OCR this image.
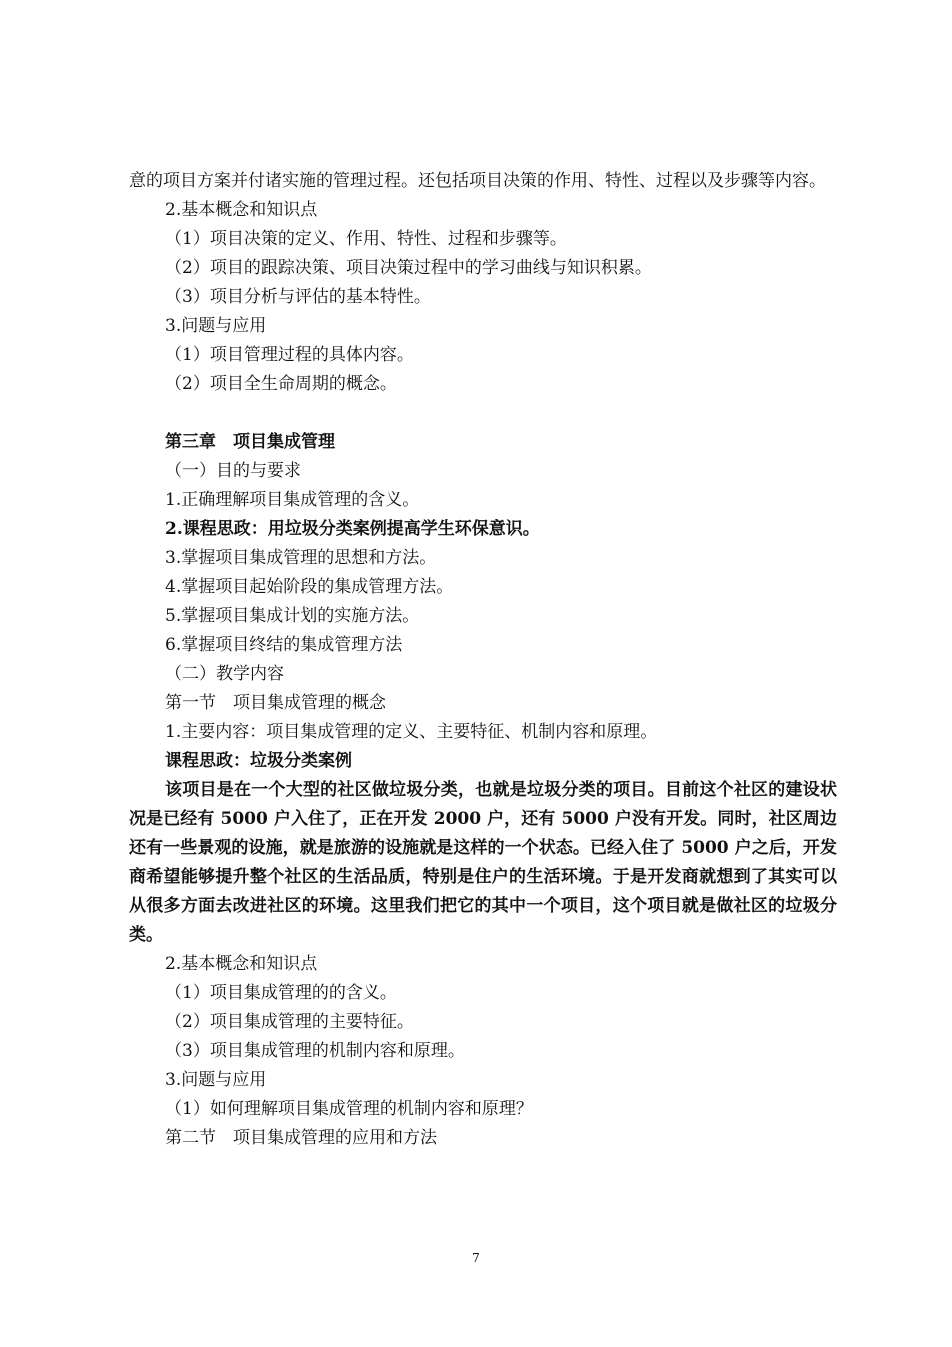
意的项目方案并付诸实施的管理过程。还包括项目决策的作用、特性、过程以及步骤等内容。

2.基本概念和知识点
（1）项目决策的定义、作用、特性、过程和步骤等。
（2）项目的跟踪决策、项目决策过程中的学习曲线与知识积累。
（3）项目分析与评估的基本特性。
3.问题与应用
（1）项目管理过程的具体内容。
（2）项目全生命周期的概念。
第三章　项目集成管理
（一）目的与要求
1.正确理解项目集成管理的含义。
2.课程思政：用垃圾分类案例提高学生环保意识。
3.掌握项目集成管理的思想和方法。
4.掌握项目起始阶段的集成管理方法。
5.掌握项目集成计划的实施方法。
6.掌握项目终结的集成管理方法
（二）教学内容
第一节　项目集成管理的概念
1.主要内容：项目集成管理的定义、主要特征、机制内容和原理。
课程思政：垃圾分类案例

该项目是在一个大型的社区做垃圾分类，也就是垃圾分类的项目。目前这个社区的建设状况是已经有 5000 户入住了，正在开发 2000 户，还有 5000 户没有开发。同时，社区周边还有一些景观的设施，就是旅游的设施就是这样的一个状态。已经入住了 5000 户之后，开发商希望能够提升整个社区的生活品质，特别是住户的生活环境。于是开发商就想到了其实可以从很多方面去改进社区的环境。这里我们把它的其中一个项目，这个项目就是做社区的垃圾分类。

2.基本概念和知识点
（1）项目集成管理的的含义。
（2）项目集成管理的主要特征。
（3）项目集成管理的机制内容和原理。
3.问题与应用
（1）如何理解项目集成管理的机制内容和原理？
第二节　项目集成管理的应用和方法
7
